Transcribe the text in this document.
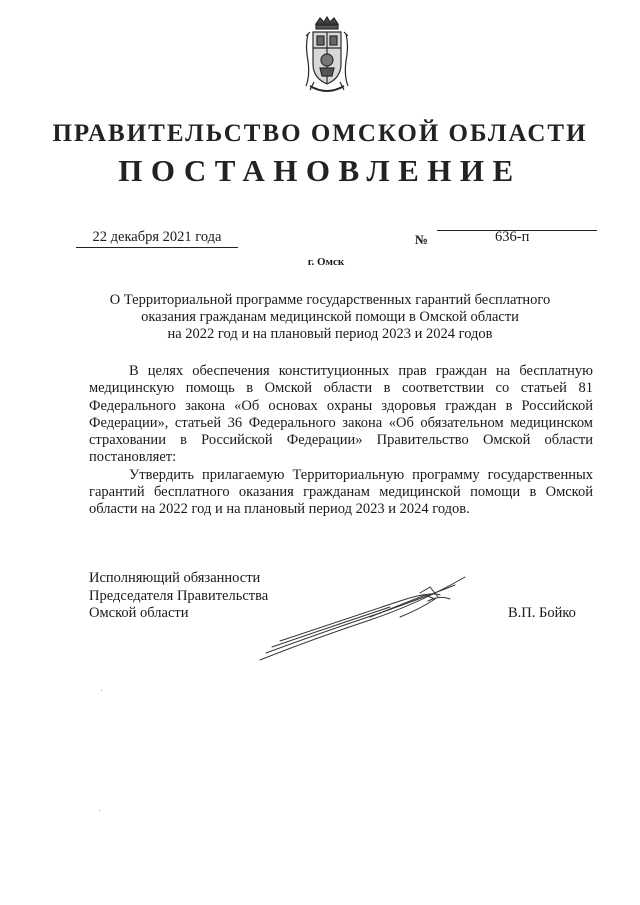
ПРАВИТЕЛЬСТВО ОМСКОЙ ОБЛАСТИ
ПОСТАНОВЛЕНИЕ
22 декабря 2021 года	№	636-п
г. Омск
О Территориальной программе государственных гарантий бесплатного
оказания гражданам медицинской помощи в Омской области
на 2022 год и на плановый период 2023 и 2024 годов

В целях обеспечения конституционных прав граждан на бесплатную медицинскую помощь в Омской области в соответствии со статьей 81 Федерального закона «Об основах охраны здоровья граждан в Российской Федерации», статьей 36 Федерального закона «Об обязательном медицинском страховании в Российской Федерации» Правительство Омской области постановляет:

Утвердить прилагаемую Территориальную программу государственных гарантий бесплатного оказания гражданам медицинской помощи в Омской области на 2022 год и на плановый период 2023 и 2024 годов.

Исполняющий обязанности
Председателя Правительства
Омской области	В.П. Бойко
